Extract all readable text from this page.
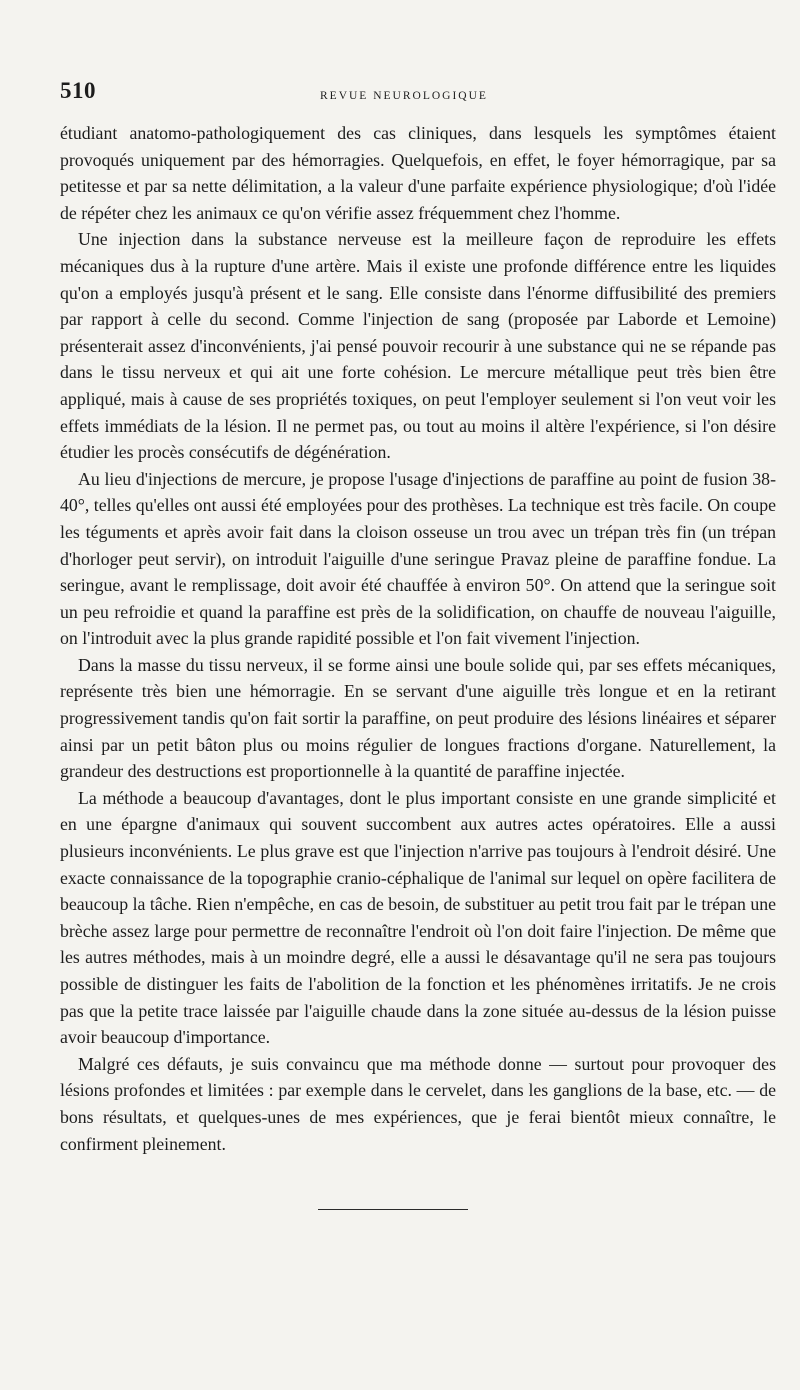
510	REVUE NEUROLOGIQUE

étudiant anatomo-pathologiquement des cas cliniques, dans lesquels les symptômes étaient provoqués uniquement par des hémorragies. Quelquefois, en effet, le foyer hémorragique, par sa petitesse et par sa nette délimitation, a la valeur d'une parfaite expérience physiologique; d'où l'idée de répéter chez les animaux ce qu'on vérifie assez fréquemment chez l'homme.

Une injection dans la substance nerveuse est la meilleure façon de reproduire les effets mécaniques dus à la rupture d'une artère. Mais il existe une profonde différence entre les liquides qu'on a employés jusqu'à présent et le sang. Elle consiste dans l'énorme diffusibilité des premiers par rapport à celle du second. Comme l'injection de sang (proposée par Laborde et Lemoine) présenterait assez d'inconvénients, j'ai pensé pouvoir recourir à une substance qui ne se répande pas dans le tissu nerveux et qui ait une forte cohésion. Le mercure métallique peut très bien être appliqué, mais à cause de ses propriétés toxiques, on peut l'employer seulement si l'on veut voir les effets immédiats de la lésion. Il ne permet pas, ou tout au moins il altère l'expérience, si l'on désire étudier les procès consécutifs de dégénération.

Au lieu d'injections de mercure, je propose l'usage d'injections de paraffine au point de fusion 38-40°, telles qu'elles ont aussi été employées pour des prothèses. La technique est très facile. On coupe les téguments et après avoir fait dans la cloison osseuse un trou avec un trépan très fin (un trépan d'horloger peut servir), on introduit l'aiguille d'une seringue Pravaz pleine de paraffine fondue. La seringue, avant le remplissage, doit avoir été chauffée à environ 50°. On attend que la seringue soit un peu refroidie et quand la paraffine est près de la solidification, on chauffe de nouveau l'aiguille, on l'introduit avec la plus grande rapidité possible et l'on fait vivement l'injection.

Dans la masse du tissu nerveux, il se forme ainsi une boule solide qui, par ses effets mécaniques, représente très bien une hémorragie. En se servant d'une aiguille très longue et en la retirant progressivement tandis qu'on fait sortir la paraffine, on peut produire des lésions linéaires et séparer ainsi par un petit bâton plus ou moins régulier de longues fractions d'organe. Naturellement, la grandeur des destructions est proportionnelle à la quantité de paraffine injectée.

La méthode a beaucoup d'avantages, dont le plus important consiste en une grande simplicité et en une épargne d'animaux qui souvent succombent aux autres actes opératoires. Elle a aussi plusieurs inconvénients. Le plus grave est que l'injection n'arrive pas toujours à l'endroit désiré. Une exacte connaissance de la topographie cranio-céphalique de l'animal sur lequel on opère facilitera de beaucoup la tâche. Rien n'empêche, en cas de besoin, de substituer au petit trou fait par le trépan une brèche assez large pour permettre de reconnaître l'endroit où l'on doit faire l'injection. De même que les autres méthodes, mais à un moindre degré, elle a aussi le désavantage qu'il ne sera pas toujours possible de distinguer les faits de l'abolition de la fonction et les phénomènes irritatifs. Je ne crois pas que la petite trace laissée par l'aiguille chaude dans la zone située au-dessus de la lésion puisse avoir beaucoup d'importance.

Malgré ces défauts, je suis convaincu que ma méthode donne — surtout pour provoquer des lésions profondes et limitées : par exemple dans le cervelet, dans les ganglions de la base, etc. — de bons résultats, et quelques-unes de mes expériences, que je ferai bientôt mieux connaître, le confirment pleinement.
